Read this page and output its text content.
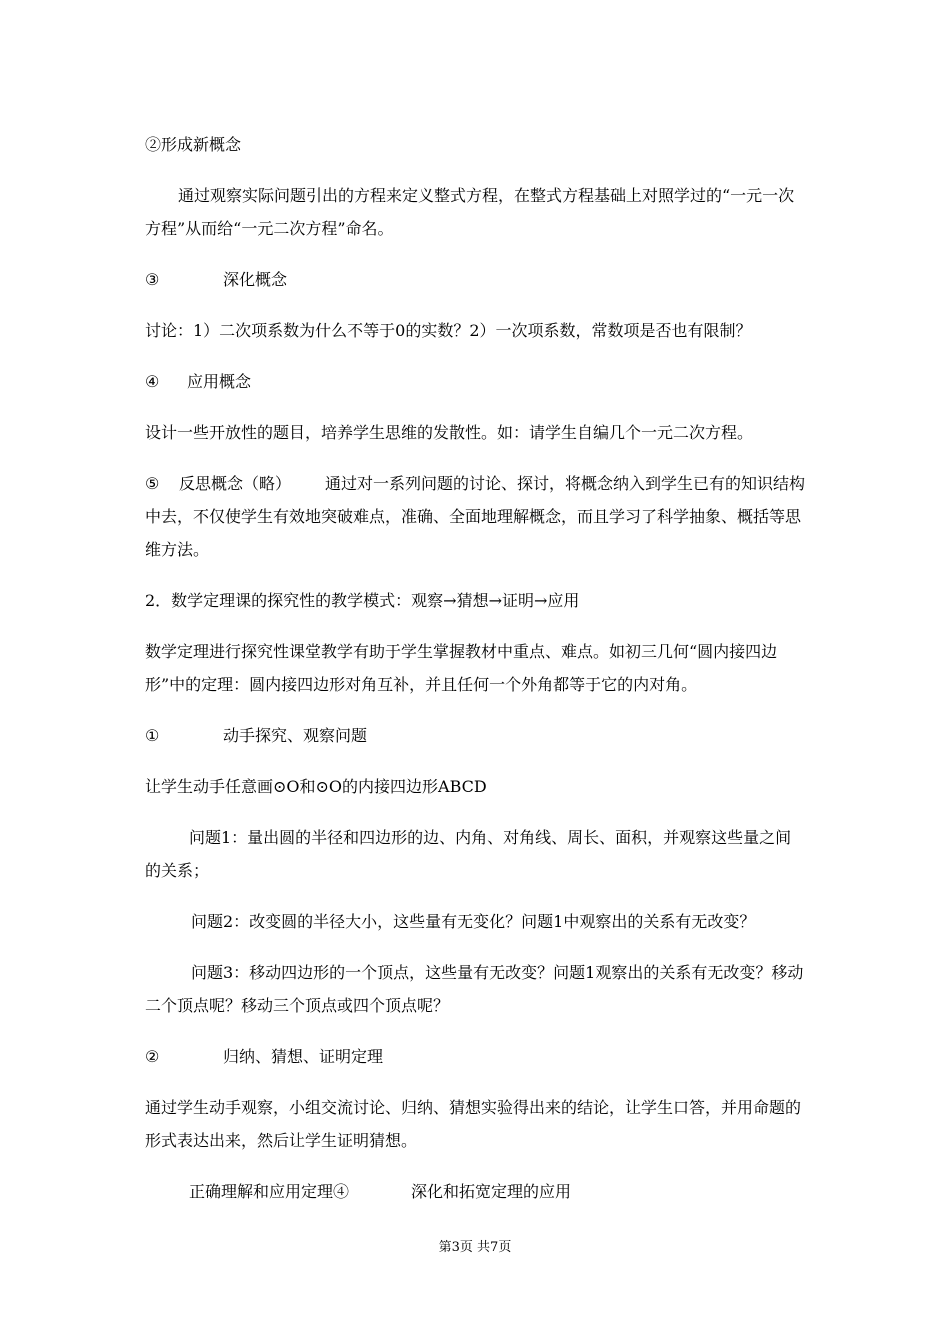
②形成新概念

通过观察实际问题引出的方程来定义整式方程，在整式方程基础上对照学过的“一元一次方程”从而给“一元二次方程”命名。

③	深化概念

讨论：1）二次项系数为什么不等于0的实数？2）一次项系数，常数项是否也有限制？

④ 应用概念

设计一些开放性的题目，培养学生思维的发散性。如：请学生自编几个一元二次方程。

⑤ 反思概念（略） 通过对一系列问题的讨论、探讨，将概念纳入到学生已有的知识结构中去，不仅使学生有效地突破难点，准确、全面地理解概念，而且学习了科学抽象、概括等思维方法。

2．数学定理课的探究性的教学模式：观察→猜想→证明→应用

数学定理进行探究性课堂教学有助于学生掌握教材中重点、难点。如初三几何“圆内接四边形”中的定理：圆内接四边形对角互补，并且任何一个外角都等于它的内对角。

①	动手探究、观察问题

让学生动手任意画⊙O和⊙O的内接四边形ABCD

问题1：量出圆的半径和四边形的边、内角、对角线、周长、面积，并观察这些量之间的关系；

问题2：改变圆的半径大小，这些量有无变化？问题1中观察出的关系有无改变？

问题3：移动四边形的一个顶点，这些量有无改变？问题1观察出的关系有无改变？移动二个顶点呢？移动三个顶点或四个顶点呢？

②	归纳、猜想、证明定理

通过学生动手观察，小组交流讨论、归纳、猜想实验得出来的结论，让学生口答，并用命题的形式表达出来，然后让学生证明猜想。

正确理解和应用定理④	深化和拓宽定理的应用

第3页 共7页
